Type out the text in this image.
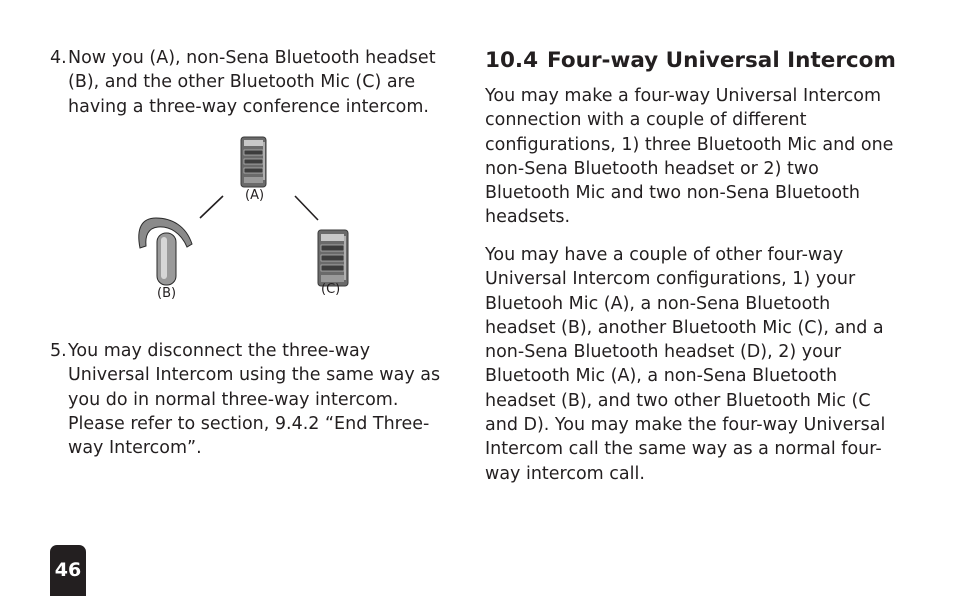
4. Now you (A), non-Sena Bluetooth headset (B), and the other Bluetooth Mic (C) are having a three-way conference intercom.
(A)
(B)	(C)
5. You may disconnect the three-way Universal Intercom using the same way as you do in normal three-way intercom. Please refer to section, 9.4.2 “End Three-way Intercom”.
10.4 Four-way Universal Intercom

You may make a four-way Universal Intercom connection with a couple of different configurations, 1) three Bluetooth Mic and one non-Sena Bluetooth headset or 2) two Bluetooth Mic and two non-Sena Bluetooth headsets.

You may have a couple of other four-way Universal Intercom configurations, 1) your Bluetooh Mic (A), a non-Sena Bluetooth headset (B), another Bluetooth Mic (C), and a non-Sena Bluetooth headset (D), 2) your Bluetooth Mic (A), a non-Sena Bluetooth headset (B), and two other Bluetooth Mic (C and D). You may make the four-way Universal Intercom call the same way as a normal four-way intercom call.

46
